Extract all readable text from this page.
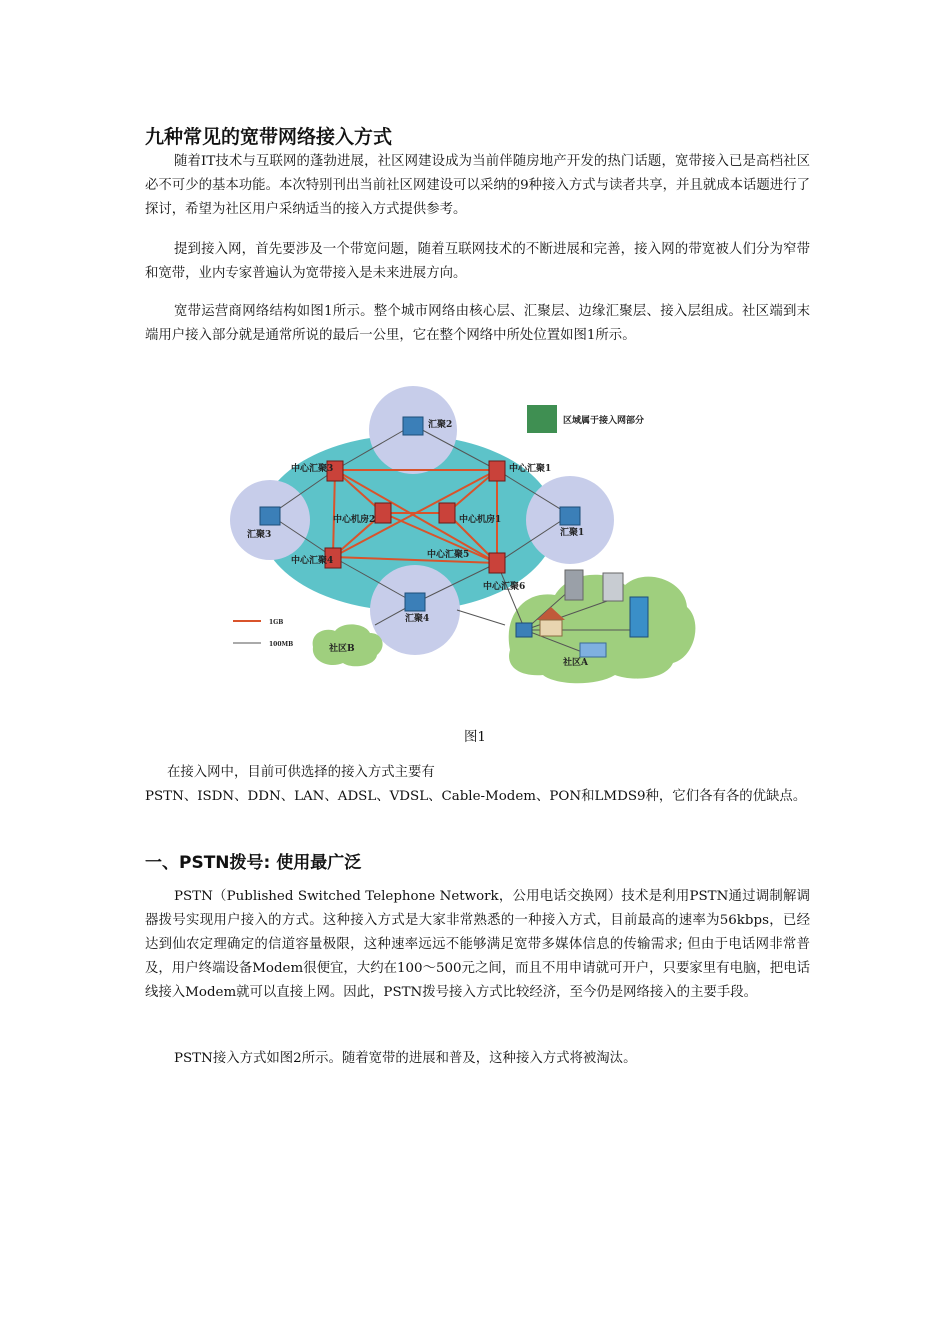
九种常见的宽带网络接入方式

随着IT技术与互联网的蓬勃进展，社区网建设成为当前伴随房地产开发的热门话题，宽带接入已是高档社区必不可少的基本功能。本次特别刊出当前社区网建设可以采纳的9种接入方式与读者共享，并且就成本话题进行了探讨，希望为社区用户采纳适当的接入方式提供参考。

提到接入网，首先要涉及一个带宽问题，随着互联网技术的不断进展和完善，接入网的带宽被人们分为窄带和宽带，业内专家普遍认为宽带接入是未来进展方向。

宽带运营商网络结构如图1所示。整个城市网络由核心层、汇聚层、边缘汇聚层、接入层组成。社区端到末端用户接入部分就是通常所说的最后一公里，它在整个网络中所处位置如图1所示。

区域属于接入网部分
1GB
100MB
汇聚2
汇聚3	汇聚1
汇聚4
中心汇聚3	中心汇聚1
中心汇聚4
中心汇聚5
中心汇聚6
中心机房2	中心机房1
社区B
社区A

图1

在接入网中，目前可供选择的接入方式主要有

PSTN、ISDN、DDN、LAN、ADSL、VDSL、Cable-Modem、PON和LMDS9种，它们各有各的优缺点。

一、PSTN拨号: 使用最广泛

PSTN（Published Switched Telephone Network，公用电话交换网）技术是利用PSTN通过调制解调器拨号实现用户接入的方式。这种接入方式是大家非常熟悉的一种接入方式，目前最高的速率为56kbps，已经达到仙农定理确定的信道容量极限，这种速率远远不能够满足宽带多媒体信息的传输需求; 但由于电话网非常普及，用户终端设备Modem很便宜，大约在100～500元之间，而且不用申请就可开户，只要家里有电脑，把电话线接入Modem就可以直接上网。因此，PSTN拨号接入方式比较经济，至今仍是网络接入的主要手段。

PSTN接入方式如图2所示。随着宽带的进展和普及，这种接入方式将被淘汰。
